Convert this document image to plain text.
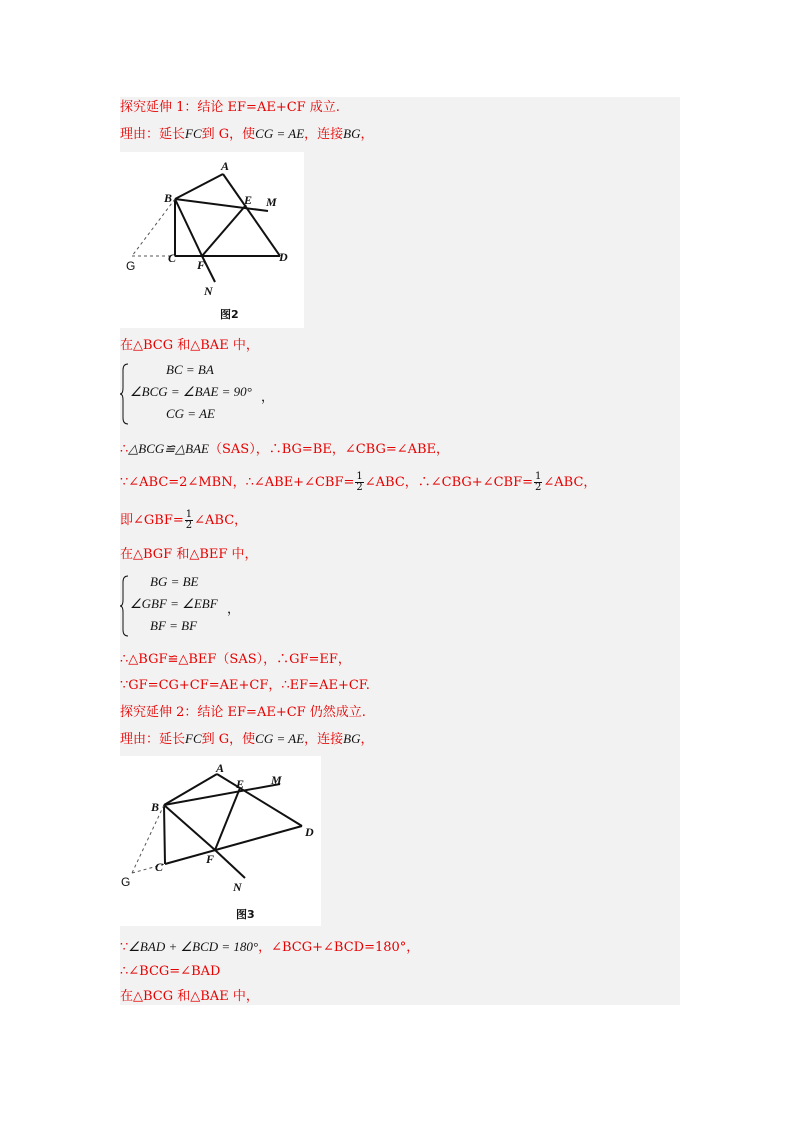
探究延伸 1：结论 EF=AE+CF 成立.
理由：延长FC到 G，使CG = AE，连接BG，
A
B	E M
C F
D
N
G
图2
在△BCG 和△BAE 中，
BC = BA
∠BCG = ∠BAE = 90° ，
CG = AE
∴△BCG≌△BAE（SAS），∴BG=BE，∠CBG=∠ABE，
∵∠ABC=2∠MBN，∴∠ABE+∠CBF= $\frac{1}{2}$ ∠ABC，∴∠CBG+∠CBF= $\frac{1}{2}$ ∠ABC，
即∠GBF= $\frac{1}{2}$ ∠ABC，
在△BGF 和△BEF 中，
BG = BE
∠GBF = ∠EBF ，
BF = BF
∴△BGF≌△BEF（SAS），∴GF=EF，
∵GF=CG+CF=AE+CF，∴EF=AE+CF.
探究延伸 2：结论 EF=AE+CF 仍然成立.
理由：延长FC到 G，使CG = AE，连接BG，
A
B
E M
C
F
D
N
G
图3
∵∠BAD + ∠BCD = 180°，∠BCG+∠BCD=180°，
∴∠BCG=∠BAD
在△BCG 和△BAE 中，
